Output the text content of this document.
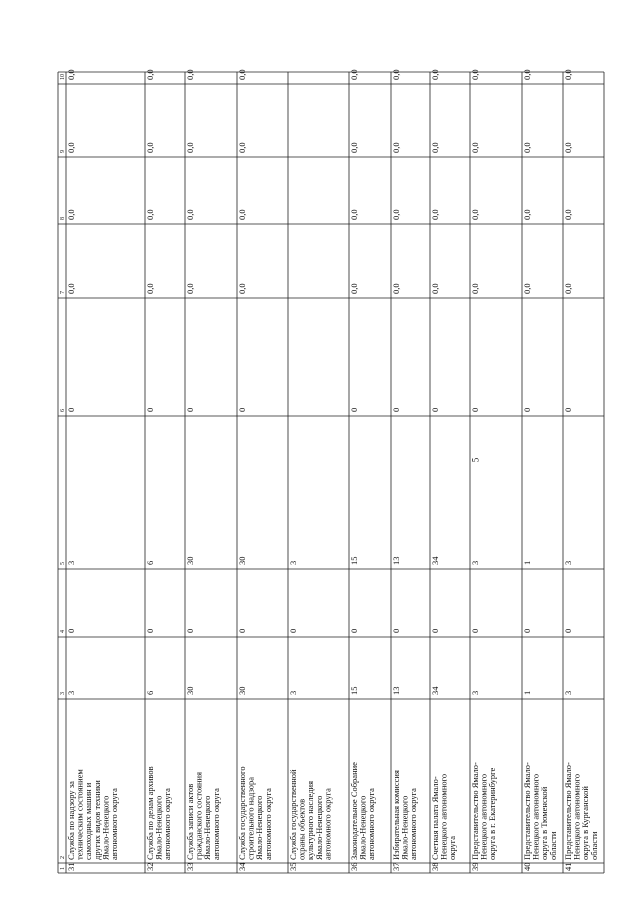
5
1
2
3
4
5
6
7
8
9
10
31
Служба по надзору за
техническим состоянием
самоходных машин и
других видов техники
Ямало-Ненецкого
автономного округа
3
0
3
0
0,0
0,0
0,0
0,0
32
Служба по делам архивов
Ямало-Ненецкого
автономного округа
6
0
6
0
0,0
0,0
0,0
0,0
33
Служба записи актов
гражданского состояния
Ямало-Ненецкого
автономного округа
30
0
30
0
0,0
0,0
0,0
0,0
34
Служба государственного
строительного надзора
Ямало-Ненецкого
автономного округа
30
0
30
0
0,0
0,0
0,0
0,0
35
Служба государственной
охраны объектов
культурного наследия
Ямало-Ненецкого
автономного округа
3
0
3
36
Законодательное Собрание
Ямало-Ненецкого
автономного округа
15
0
15
0
0,0
0,0
0,0
0,0
37
Избирательная комиссия
Ямало-Ненецкого
автономного округа
13
0
13
0
0,0
0,0
0,0
0,0
38
Счетная палата Ямало-
Ненецкого автономного
округа
34
0
34
0
0,0
0,0
0,0
0,0
39
Представительство Ямало-
Ненецкого автономного
округа в г. Екатеринбурге
3
0
3
0
0,0
0,0
0,0
0,0
40
Представительство Ямало-
Ненецкого автономного
округа в Тюменской
области
1
0
1
0
0,0
0,0
0,0
0,0
41
Представительство Ямало-
Ненецкого автономного
округа в Курганской
области
3
0
3
0
0,0
0,0
0,0
0,0
